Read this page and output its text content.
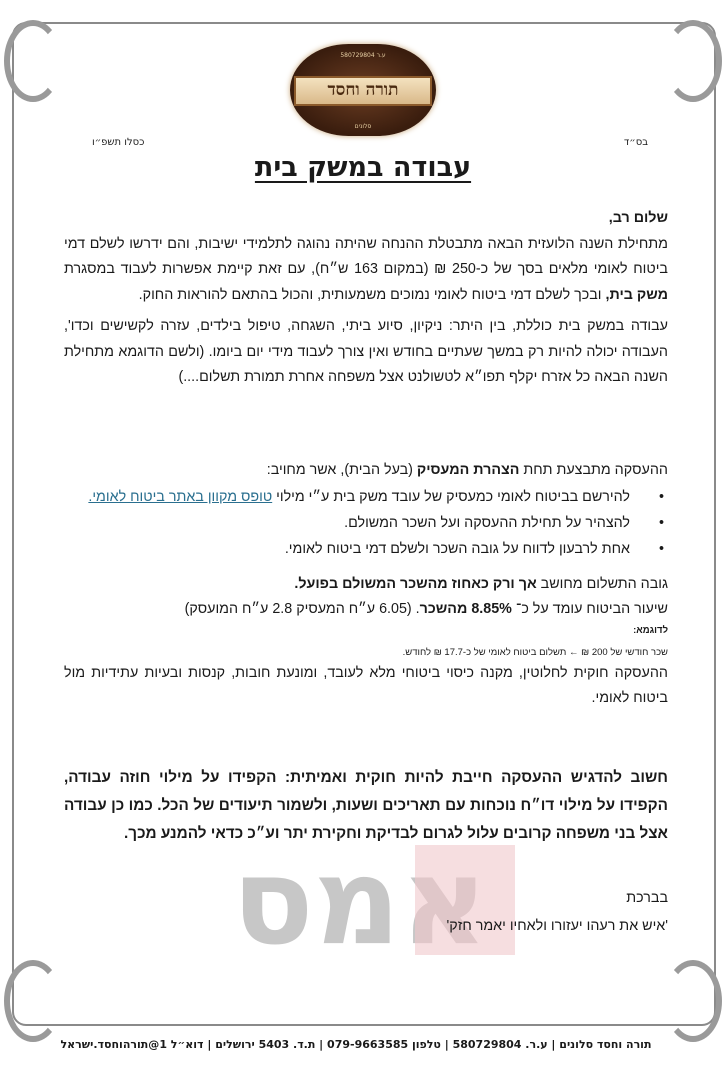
ע.ר 580729804
תורה וחסד
סלונים
בס״ד
כסלו תשפ״ו
עבודה במשק בית

שלום רב,

מתחילת השנה הלועזית הבאה מתבטלת ההנחה שהיתה נהוגה לתלמידי ישיבות, והם ידרשו לשלם דמי ביטוח לאומי מלאים בסך של כ-250 ₪ (במקום 163 ש״ח), עם זאת קיימת אפשרות לעבוד במסגרת משק בית, ובכך לשלם דמי ביטוח לאומי נמוכים משמעותית, והכול בהתאם להוראות החוק.

עבודה במשק בית כוללת, בין היתר: ניקיון, סיוע ביתי, השגחה, טיפול בילדים, עזרה לקשישים וכדו', העבודה יכולה להיות רק במשך שעתיים בחודש ואין צורך לעבוד מידי יום ביומו. (ולשם הדוגמא מתחילת השנה הבאה כל אזרח יקלף תפו״א לטשולנט אצל משפחה אחרת תמורת תשלום....)

ההעסקה מתבצעת תחת הצהרת המעסיק (בעל הבית), אשר מחויב:

• להירשם בביטוח לאומי כמעסיק של עובד משק בית ע״י מילוי טופס מקוון באתר ביטוח לאומי.
• להצהיר על תחילת ההעסקה ועל השכר המשולם.
• אחת לרבעון לדווח על גובה השכר ולשלם דמי ביטוח לאומי.

גובה התשלום מחושב אך ורק כאחוז מהשכר המשולם בפועל.

שיעור הביטוח עומד על כ־ 8.85% מהשכר. (6.05 ע״ח המעסיק 2.8 ע״ח המועסק)

לדוגמא:

שכר חודשי של 200 ₪ ← תשלום ביטוח לאומי של כ-17.7 ₪ לחודש.

ההעסקה חוקית לחלוטין, מקנה כיסוי ביטוחי מלא לעובד, ומונעת חובות, קנסות ובעיות עתידיות מול ביטוח לאומי.

אמס
חשוב להדגיש ההעסקה חייבת להיות חוקית ואמיתית: הקפידו על מילוי חוזה עבודה, הקפידו על מילוי דו״ח נוכחות עם תאריכים ושעות, ולשמור תיעודים של הכל. כמו כן עבודה אצל בני משפחה קרובים עלול לגרום לבדיקת וחקירת יתר וע״כ כדאי להמנע מכך.

בברכת

'איש את רעהו יעזורו ולאחיו יאמר חזק'

תורה וחסד סלונים | ע.ר. 580729804 | טלפון 079-9663585 | ת.ד. 5403 ירושלים | דוא״ל 1@תורהוחסד.ישראל
